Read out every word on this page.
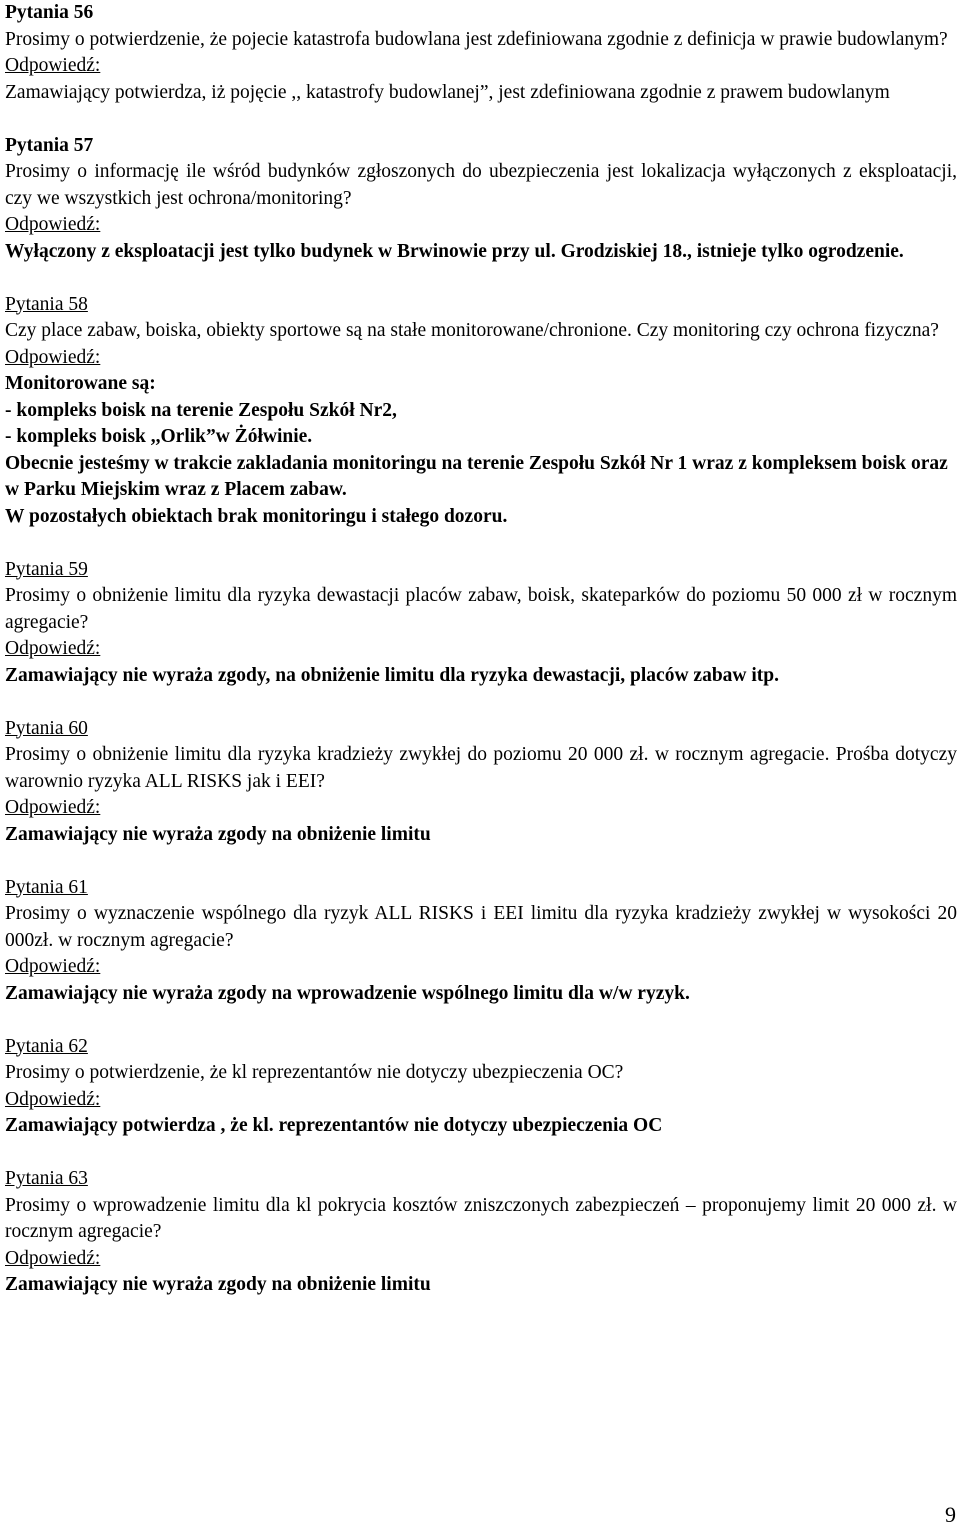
Pytania 56

Prosimy o potwierdzenie, że pojecie katastrofa budowlana jest zdefiniowana zgodnie z definicja w prawie budowlanym?

Odpowiedź:

Zamawiający potwierdza, iż pojęcie ,, katastrofy budowlanej”, jest zdefiniowana zgodnie z prawem budowlanym

Pytania 57

Prosimy o informację ile wśród budynków zgłoszonych do ubezpieczenia jest lokalizacja wyłączonych z eksploatacji, czy we wszystkich jest ochrona/monitoring?

Odpowiedź:

Wyłączony z eksploatacji jest tylko budynek w Brwinowie przy ul. Grodziskiej 18., istnieje tylko ogrodzenie.

Pytania 58

Czy place zabaw, boiska, obiekty sportowe są na stałe monitorowane/chronione. Czy monitoring czy ochrona fizyczna?

Odpowiedź:

Monitorowane są:

- kompleks boisk na terenie Zespołu Szkół Nr2,

- kompleks boisk ,,Orlik”w Żółwinie.

Obecnie jesteśmy w trakcie zakladania monitoringu na terenie Zespołu Szkół Nr 1 wraz z kompleksem boisk oraz w Parku Miejskim wraz z Placem zabaw.

W pozostałych obiektach brak monitoringu i stałego dozoru.

Pytania 59

Prosimy o obniżenie limitu dla ryzyka dewastacji placów zabaw, boisk, skateparków do poziomu 50 000 zł w rocznym agregacie?

Odpowiedź:

Zamawiający nie wyraża zgody, na obniżenie limitu dla ryzyka dewastacji, placów zabaw itp.

Pytania 60

Prosimy o obniżenie limitu dla ryzyka kradzieży zwykłej do poziomu 20 000 zł. w rocznym agregacie. Prośba dotyczy warownio ryzyka ALL RISKS jak i EEI?

Odpowiedź:

Zamawiający nie wyraża zgody na obniżenie limitu

Pytania 61

Prosimy o wyznaczenie wspólnego dla ryzyk ALL RISKS i EEI limitu dla ryzyka kradzieży zwykłej w wysokości 20 000zł. w rocznym agregacie?

Odpowiedź:

Zamawiający nie wyraża zgody na wprowadzenie wspólnego limitu dla w/w ryzyk.

Pytania 62

Prosimy o potwierdzenie, że kl reprezentantów nie dotyczy ubezpieczenia OC?

Odpowiedź:

Zamawiający potwierdza , że kl. reprezentantów nie dotyczy ubezpieczenia OC

Pytania 63

Prosimy o wprowadzenie limitu dla kl pokrycia kosztów zniszczonych zabezpieczeń – proponujemy limit 20 000 zł. w rocznym agregacie?

Odpowiedź:

Zamawiający nie wyraża zgody na obniżenie limitu

9
